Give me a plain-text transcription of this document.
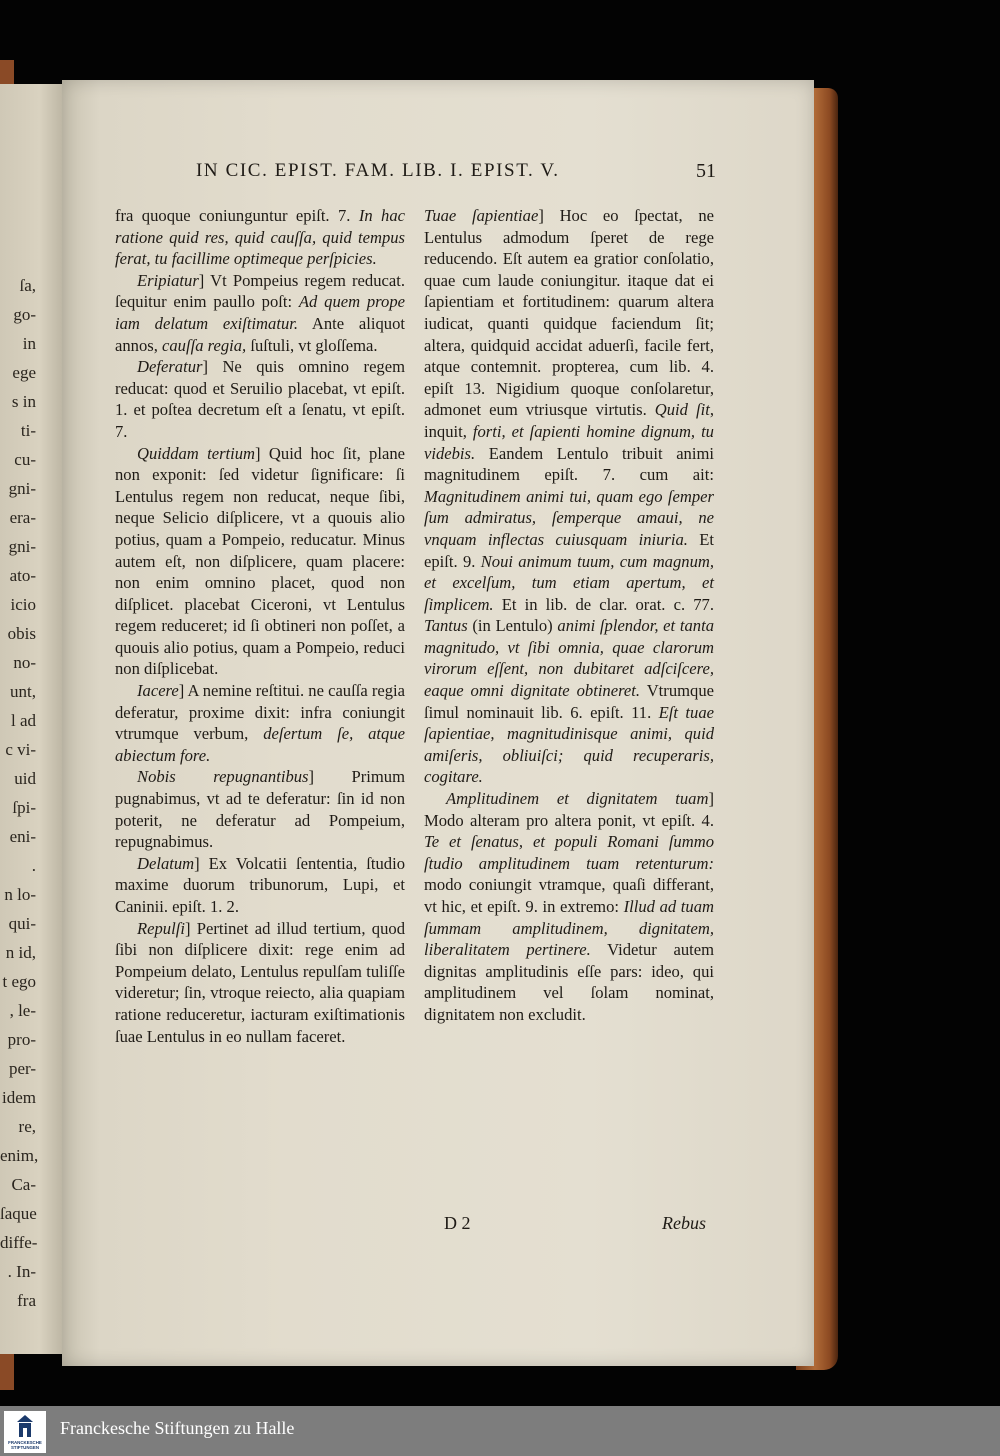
ſa,
go-
in
ege
s in
ti-
cu-
gni-
era-
gni-
ato-
icio
obis
no-
unt,
l ad
c vi-
uid
ſpi-
eni-
.
n lo-
qui-
n id,
t ego
, le-
pro-
per-
idem
re,
enim,
Ca-
ſaque
diffe-
. In-
fra
IN CIC. EPIST. FAM. LIB. I. EPIST. V.	51

fra quoque coniunguntur epiſt. 7. In hac ratione quid res, quid cauſſa, quid tempus ferat, tu facillime optimeque perſpicies.

Eripiatur] Vt Pompeius regem reducat. ſequitur enim paullo poſt: Ad quem prope iam delatum exiſtimatur. Ante aliquot annos, cauſſa regia, ſuſtuli, vt gloſſema.

Deferatur] Ne quis omnino regem reducat: quod et Seruilio placebat, vt epiſt. 1. et poſtea decretum eſt a ſenatu, vt epiſt. 7.

Quiddam tertium] Quid hoc ſit, plane non exponit: ſed videtur ſignificare: ſi Lentulus regem non reducat, neque ſibi, neque Selicio diſplicere, vt a quouis alio potius, quam a Pompeio, reducatur. Minus autem eſt, non diſplicere, quam placere: non enim omnino placet, quod non diſplicet. placebat Ciceroni, vt Lentulus regem reduceret; id ſi obtineri non poſſet, a quouis alio potius, quam a Pompeio, reduci non diſplicebat.

Iacere] A nemine reſtitui. ne cauſſa regia deferatur, proxime dixit: infra coniungit vtrumque verbum, deſertum ſe, atque abiectum fore.

Nobis repugnantibus] Primum pugnabimus, vt ad te deferatur: ſin id non poterit, ne deferatur ad Pompeium, repugnabimus.

Delatum] Ex Volcatii ſententia, ſtudio maxime duorum tribunorum, Lupi, et Caninii. epiſt. 1. 2.

Repulſi] Pertinet ad illud tertium, quod ſibi non diſplicere dixit: rege enim ad Pompeium delato, Lentulus repulſam tuliſſe videretur; ſin, vtroque reiecto, alia quapiam ratione reduceretur, iacturam exiſtimationis ſuae Lentulus in eo nullam faceret.

Tuae ſapientiae] Hoc eo ſpectat, ne Lentulus admodum ſperet de rege reducendo. Eſt autem ea gratior conſolatio, quae cum laude coniungitur. itaque dat ei ſapientiam et fortitudinem: quarum altera iudicat, quanti quidque faciendum ſit; altera, quidquid accidat aduerſi, facile fert, atque contemnit. propterea, cum lib. 4. epiſt 13. Nigidium quoque conſolaretur, admonet eum vtriusque virtutis. Quid ſit, inquit, forti, et ſapienti homine dignum, tu videbis. Eandem Lentulo tribuit animi magnitudinem epiſt. 7. cum ait: Magnitudinem animi tui, quam ego ſemper ſum admiratus, ſemperque amaui, ne vnquam inflectas cuiusquam iniuria. Et epiſt. 9. Noui animum tuum, cum magnum, et excelſum, tum etiam apertum, et ſimplicem. Et in lib. de clar. orat. c. 77. Tantus (in Lentulo) animi ſplendor, et tanta magnitudo, vt ſibi omnia, quae clarorum virorum eſſent, non dubitaret adſciſcere, eaque omni dignitate obtineret. Vtrumque ſimul nominauit lib. 6. epiſt. 11. Eſt tuae ſapientiae, magnitudinisque animi, quid amiſeris, obliuiſci; quid recuperaris, cogitare.

Amplitudinem et dignitatem tuam] Modo alteram pro altera ponit, vt epiſt. 4. Te et ſenatus, et populi Romani ſummo ſtudio amplitudinem tuam retenturum: modo coniungit vtramque, quaſi differant, vt hic, et epiſt. 9. in extremo: Illud ad tuam ſummam amplitudinem, dignitatem, liberalitatem pertinere. Videtur autem dignitas amplitudinis eſſe pars: ideo, qui amplitudinem vel ſolam nominat, dignitatem non excludit.

D 2	Rebus
FRANCKESCHE STIFTUNGEN
Franckesche Stiftungen zu Halle
